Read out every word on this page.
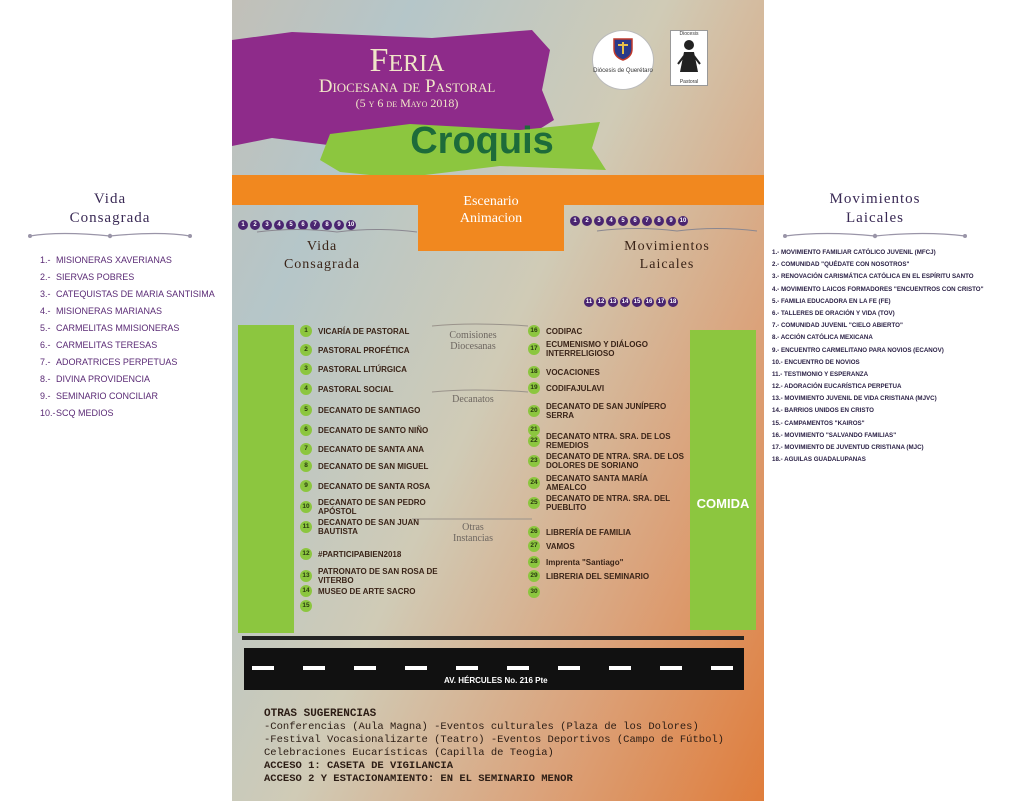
Vida
Consagrada
1.- MISIONERAS XAVERIANAS
2.- SIERVAS POBRES
3.- CATEQUISTAS DE MARIA SANTISIMA
4.- MISIONERAS MARIANAS
5.- CARMELITAS MMISIONERAS
6.- CARMELITAS TERESAS
7.- ADORATRICES PERPETUAS
8.- DIVINA PROVIDENCIA
9.- SEMINARIO CONCILIAR
10.-SCQ MEDIOS
Movimientos
Laicales
1.- MOVIMIENTO FAMILIAR CATÓLICO JUVENIL (MFCJ)
2.- COMUNIDAD "QUÉDATE CON NOSOTROS"
3.- RENOVACIÓN CARISMÁTICA CATÓLICA EN EL ESPÍRITU SANTO
4.- MOVIMIENTO LAICOS FORMADORES "ENCUENTROS CON CRISTO"
5.- FAMILIA EDUCADORA EN LA FE (FE)
6.- TALLERES DE ORACIÓN Y VIDA (TOV)
7.- COMUNIDAD JUVENIL "CIELO ABIERTO"
8.- ACCIÓN CATÓLICA MEXICANA
9.- ENCUENTRO CARMELITANO PARA NOVIOS (ECANOV)
10.- ENCUENTRO DE NOVIOS
11.- TESTIMONIO Y ESPERANZA
12.- ADORACIÓN EUCARÍSTICA PERPETUA
13.- MOVIMIENTO JUVENIL DE VIDA CRISTIANA (MJVC)
14.- BARRIOS UNIDOS EN CRISTO
15.- CAMPAMENTOS "KAIROS"
16.- MOVIMIENTO "SALVANDO FAMILIAS"
17.- MOVIMIENTO DE JUVENTUD CRISTIANA (MJC)
18.- AGUILAS GUADALUPANAS
Feria
Diocesana de Pastoral
(5 y 6 de Mayo 2018)
Diócesis de Querétaro
Diocesis
Pastoral
Croquis
Escenario
Animacion
1 2 3 4 5 6 7 8 9 10
1 2 3 4 5 6 7 8 9 10
11 12 13 14 15 16 17 18
Vida
Consagrada
Movimientos
Laicales
COMIDA
Comisiones
Diocesanas
Decanatos
Otras
Instancias
1 VICARÍA DE PASTORAL
2 PASTORAL PROFÉTICA
3 PASTORAL LITÚRGICA
4 PASTORAL SOCIAL
5 DECANATO DE SANTIAGO
6 DECANATO DE SANTO NIÑO
7 DECANATO DE SANTA ANA
8 DECANATO DE SAN MIGUEL
9 DECANATO DE SANTA ROSA
10 DECANATO DE SAN PEDRO APÓSTOL
11 DECANATO DE SAN JUAN BAUTISTA
12 #PARTICIPABIEN2018
13 PATRONATO DE SAN ROSA DE VITERBO
14 MUSEO DE ARTE SACRO
15
16 CODIPAC
17 ECUMENISMO Y DIÁLOGO INTERRELIGIOSO
18 VOCACIONES
19 CODIFAJULAVI
20 DECANATO DE SAN JUNÍPERO SERRA
21
22 DECANATO NTRA. SRA. DE LOS REMEDIOS
23 DECANATO DE NTRA. SRA. DE LOS DOLORES DE SORIANO
24 DECANATO SANTA MARÍA AMEALCO
25 DECANATO DE NTRA. SRA. DEL PUEBLITO
26 LIBRERÍA DE FAMILIA
27 VAMOS
28 Imprenta "Santiago"
29 LIBRERIA DEL SEMINARIO
30
AV. HÉRCULES No. 216 Pte
OTRAS SUGERENCIAS
-Conferencias (Aula Magna) -Eventos culturales (Plaza de los Dolores)
-Festival Vocasionalizarte (Teatro) -Eventos Deportivos (Campo de Fútbol)
Celebraciones Eucarísticas (Capilla de Teogia)
ACCESO 1: CASETA DE VIGILANCIA
ACCESO 2 Y ESTACIONAMIENTO: EN EL SEMINARIO MENOR
